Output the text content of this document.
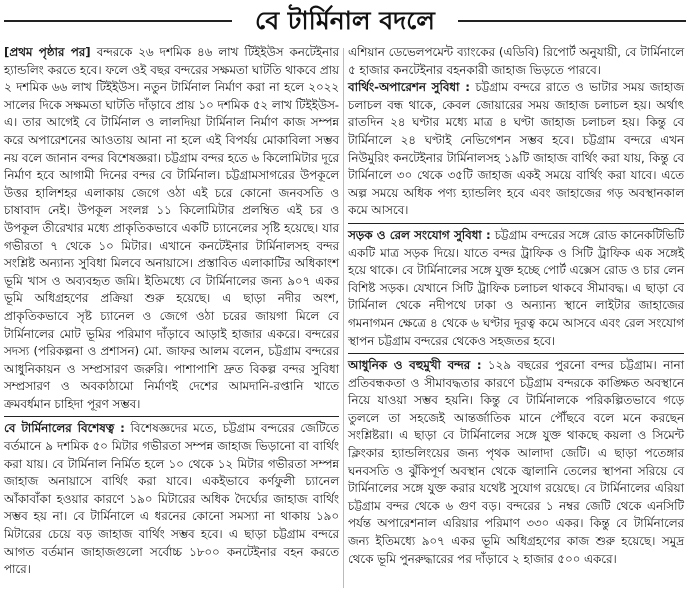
বে টার্মিনাল বদলে

[প্রথম পৃষ্ঠার পর] বন্দরকে ২৬ দশমিক ৪৬ লাখ টিইইউস কনটেইনার হ্যান্ডলিং করতে হবে। ফলে ওই বছর বন্দরের সক্ষমতা ঘাটতি থাকবে প্রায় ২ দশমিক ৬৬ লাখ টিইইউস। নতুন টার্মিনাল নির্মাণ করা না হলে ২০২২ সালের দিকে সক্ষমতা ঘাটতি দাঁড়াবে প্রায় ১০ দশমিক ৫২ লাখ টিইইউস-এ। তার আগেই বে টার্মিনাল ও লালদিয়া টার্মিনাল নির্মাণ কাজ সম্পন্ন করে অপারেশনের আওতায় আনা না হলে এই বিপর্যয় মোকাবিলা সম্ভব নয় বলে জানান বন্দর বিশেষজ্ঞরা। চট্টগ্রাম বন্দর হতে ৬ কিলোমিটার দূরে নির্মাণ হবে আগামী দিনের বন্দর বে টার্মিনাল। চট্টগ্রামসাগরের উপকূলে উত্তর হালিশহর এলাকায় জেগে ওঠা এই চরে কোনো জনবসতি ও চাষাবাদ নেই। উপকূল সংলগ্ন ১১ কিলোমিটার প্রলম্বিত এই চর ও উপকূল তীরেখার মধ্যে প্রাকৃতিকভাবে একটি চ্যানেলের সৃষ্টি হয়েছে। যার গভীরতা ৭ থেকে ১০ মিটার। এখানে কনটেইনার টার্মিনালসহ বন্দর সংশ্লিষ্ট অন্যান্য সুবিধা মিলবে অনায়াসে। প্রস্তাবিত এলাকাটির অধিকাংশ ভূমি খাস ও অব্যবহৃত জমি। ইতিমধ্যে বে টার্মিনালের জন্য ৯০৭ একর ভূমি অধিগ্রহণের প্রক্রিয়া শুরু হয়েছে। এ ছাড়া নদীর অংশ, প্রাকৃতিকভাবে সৃষ্ট চ্যানেল ও জেগে ওঠা চরের জায়গা মিলে বে টার্মিনালের মোট ভূমির পরিমাণ দাঁড়াবে আড়াই হাজার একরে। বন্দরের সদস্য (পরিকল্পনা ও প্রশাসন) মো. জাফর আলম বলেন, চট্টগ্রাম বন্দরের আধুনিকায়ন ও সম্প্রসারণ জরুরি। পাশাপাশি দ্রুত বিকল্প বন্দর সুবিধা সম্প্রসারণ ও অবকাঠামো নির্মাণই দেশের আমদানি-রপ্তানি খাতে ক্রমবর্ধমান চাহিদা পূরণ সম্ভব।

বে টার্মিনালের বিশেষত্ব : বিশেষজ্ঞদের মতে, চট্টগ্রাম বন্দরের জেটিতে বর্তমানে ৯ দশমিক ৫০ মিটার গভীরতা সম্পন্ন জাহাজ ভিড়ানো বা বার্থিং করা যায়। বে টার্মিনাল নির্মিত হলে ১০ থেকে ১২ মিটার গভীরতা সম্পন্ন জাহাজ অনায়াসে বার্থিং করা যাবে। একইভাবে কর্ণফুলী চ্যানেল আঁকাবাঁকা হওয়ার কারণে ১৯০ মিটারের অধিক দৈর্ঘ্যের জাহাজ বার্থিং সম্ভব হয় না। বে টার্মিনালে এ ধরনের কোনো সমস্যা না থাকায় ১৯০ মিটারের চেয়ে বড় জাহাজ বার্থিং সম্ভব হবে। এ ছাড়া চট্টগ্রাম বন্দরে আগত বর্তমান জাহাজগুলো সর্বোচ্চ ১৮০০ কনটেইনার বহন করতে পারে।

এশিয়ান ডেভেলপমেন্ট ব্যাংকের (এডিবি) রিপোর্ট অনুযায়ী, বে টার্মিনালে ৫ হাজার কনটেইনার বহনকারী জাহাজ ভিড়তে পারবে।

বার্থিং-অপারেশন সুবিধা : চট্টগ্রাম বন্দরে রাতে ও ভাটার সময় জাহাজ চলাচল বন্ধ থাকে, কেবল জোয়ারের সময় জাহাজ চলাচল হয়। অর্থাৎ রাতদিন ২৪ ঘণ্টার মধ্যে মাত্র ৪ ঘণ্টা জাহাজ চলাচল হয়। কিন্তু বে টার্মিনালে ২৪ ঘণ্টাই নেভিগেশন সম্ভব হবে। চট্টগ্রাম বন্দরে এখন নিউমুরিং কনটেইনার টার্মিনালসহ ১৯টি জাহাজ বার্থিং করা যায়, কিন্তু বে টার্মিনালে ৩০ থেকে ৩৫টি জাহাজ একই সময়ে বার্থিং করা যাবে। এতে অল্প সময়ে অধিক পণ্য হ্যান্ডলিং হবে এবং জাহাজের গড় অবস্থানকাল কমে আসবে।

সড়ক ও রেল সংযোগ সুবিধা : চট্টগ্রাম বন্দরের সঙ্গে রোড কানেকটিভিটি একটি মাত্র সড়ক দিয়ে। যাতে বন্দর ট্রাফিক ও সিটি ট্রাফিক এক সঙ্গেই হয়ে থাকে। বে টার্মিনালের সঙ্গে যুক্ত হচ্ছে পোর্ট এক্সেস রোড ও চার লেন বিশিষ্ট সড়ক। যেখানে সিটি ট্রাফিক চলাচল থাকবে সীমাবদ্ধ। এ ছাড়া বে টার্মিনাল থেকে নদীপথে ঢাকা ও অন্যান্য স্থানে লাইটার জাহাজের গমনাগমন ক্ষেত্রে ৪ থেকে ৬ ঘণ্টার দূরত্ব কমে আসবে এবং রেল সংযোগ স্থাপন চট্টগ্রাম বন্দরের থেকেও সহজতর হবে।

আধুনিক ও বহুমুখী বন্দর : ১২৯ বছরের পুরনো বন্দর চট্টগ্রাম। নানা প্রতিবন্ধকতা ও সীমাবদ্ধতার কারণে চট্টগ্রাম বন্দরকে কাঙ্ক্ষিত অবস্থানে নিয়ে যাওয়া সম্ভব হয়নি। কিন্তু বে টার্মিনালকে পরিকল্পিতভাবে গড়ে তুললে তা সহজেই আন্তর্জাতিক মানে পৌঁছবে বলে মনে করছেন সংশ্লিষ্টরা। এ ছাড়া বে টার্মিনালের সঙ্গে যুক্ত থাকছে কয়লা ও সিমেন্ট ক্লিংকার হ্যান্ডলিংয়ের জন্য পৃথক আলাদা জেটি। এ ছাড়া পতেঙ্গার ঘনবসতি ও ঝুঁকিপূর্ণ অবস্থান থেকে জ্বালানি তেলের স্থাপনা সরিয়ে বে টার্মিনালের সঙ্গে যুক্ত করার যথেষ্ট সুযোগ রয়েছে। বে টার্মিনালের এরিয়া চট্টগ্রাম বন্দর থেকে ৬ গুণ বড়। বন্দরের ১ নম্বর জেটি থেকে এনসিটি পর্যন্ত অপারেশনাল এরিয়ার পরিমাণ ৩৩০ একর। কিন্তু বে টার্মিনালের জন্য ইতিমধ্যে ৯০৭ একর ভূমি অধিগ্রহণের কাজ শুরু হয়েছে। সমুদ্র থেকে ভূমি পুনরুদ্ধারের পর দাঁড়াবে ২ হাজার ৫০০ একরে।
